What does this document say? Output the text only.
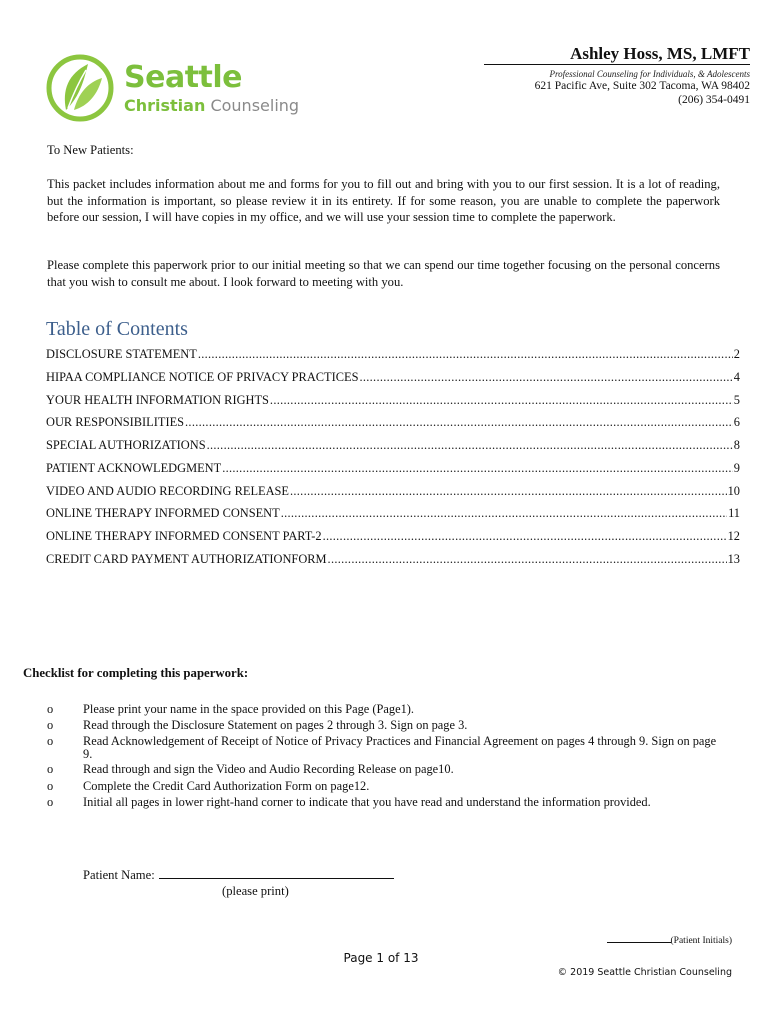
Seattle
Christian Counseling
Ashley Hoss, MS, LMFT
Professional Counseling for Individuals, & Adolescents
621 Pacific Ave, Suite 302 Tacoma, WA 98402
(206) 354-0491
To New Patients:
This packet includes information about me and forms for you to fill out and bring with you to our first session. It is a lot of reading, but the information is important, so please review it in its entirety. If for some reason, you are unable to complete the paperwork before our session, I will have copies in my office, and we will use your session time to complete the paperwork.
Please complete this paperwork prior to our initial meeting so that we can spend our time together focusing on the personal concerns that you wish to consult me about. I look forward to meeting with you.
Table of Contents
DISCLOSURE STATEMENT .....	2
HIPAA COMPLIANCE NOTICE OF PRIVACY PRACTICES .....	4
YOUR HEALTH INFORMATION RIGHTS .....	5
OUR RESPONSIBILITIES .....	6
SPECIAL AUTHORIZATIONS .....	8
PATIENT ACKNOWLEDGMENT .....	9
VIDEO AND AUDIO RECORDING RELEASE .....	10
ONLINE THERAPY INFORMED CONSENT .....	11
ONLINE THERAPY INFORMED CONSENT PART-2 .....	12
CREDIT CARD PAYMENT AUTHORIZATIONFORM .....	13
Checklist for completing this paperwork:
o Please print your name in the space provided on this Page (Page1).
o Read through the Disclosure Statement on pages 2 through 3. Sign on page 3.
o Read Acknowledgement of Receipt of Notice of Privacy Practices and Financial Agreement on pages 4 through 9. Sign on page 9.
o Read through and sign the Video and Audio Recording Release on page10.
o Complete the Credit Card Authorization Form on page12.
o Initial all pages in lower right-hand corner to indicate that you have read and understand the information provided.
Patient Name:
(please print)
(Patient Initials)
Page 1 of 13
© 2019 Seattle Christian Counseling
